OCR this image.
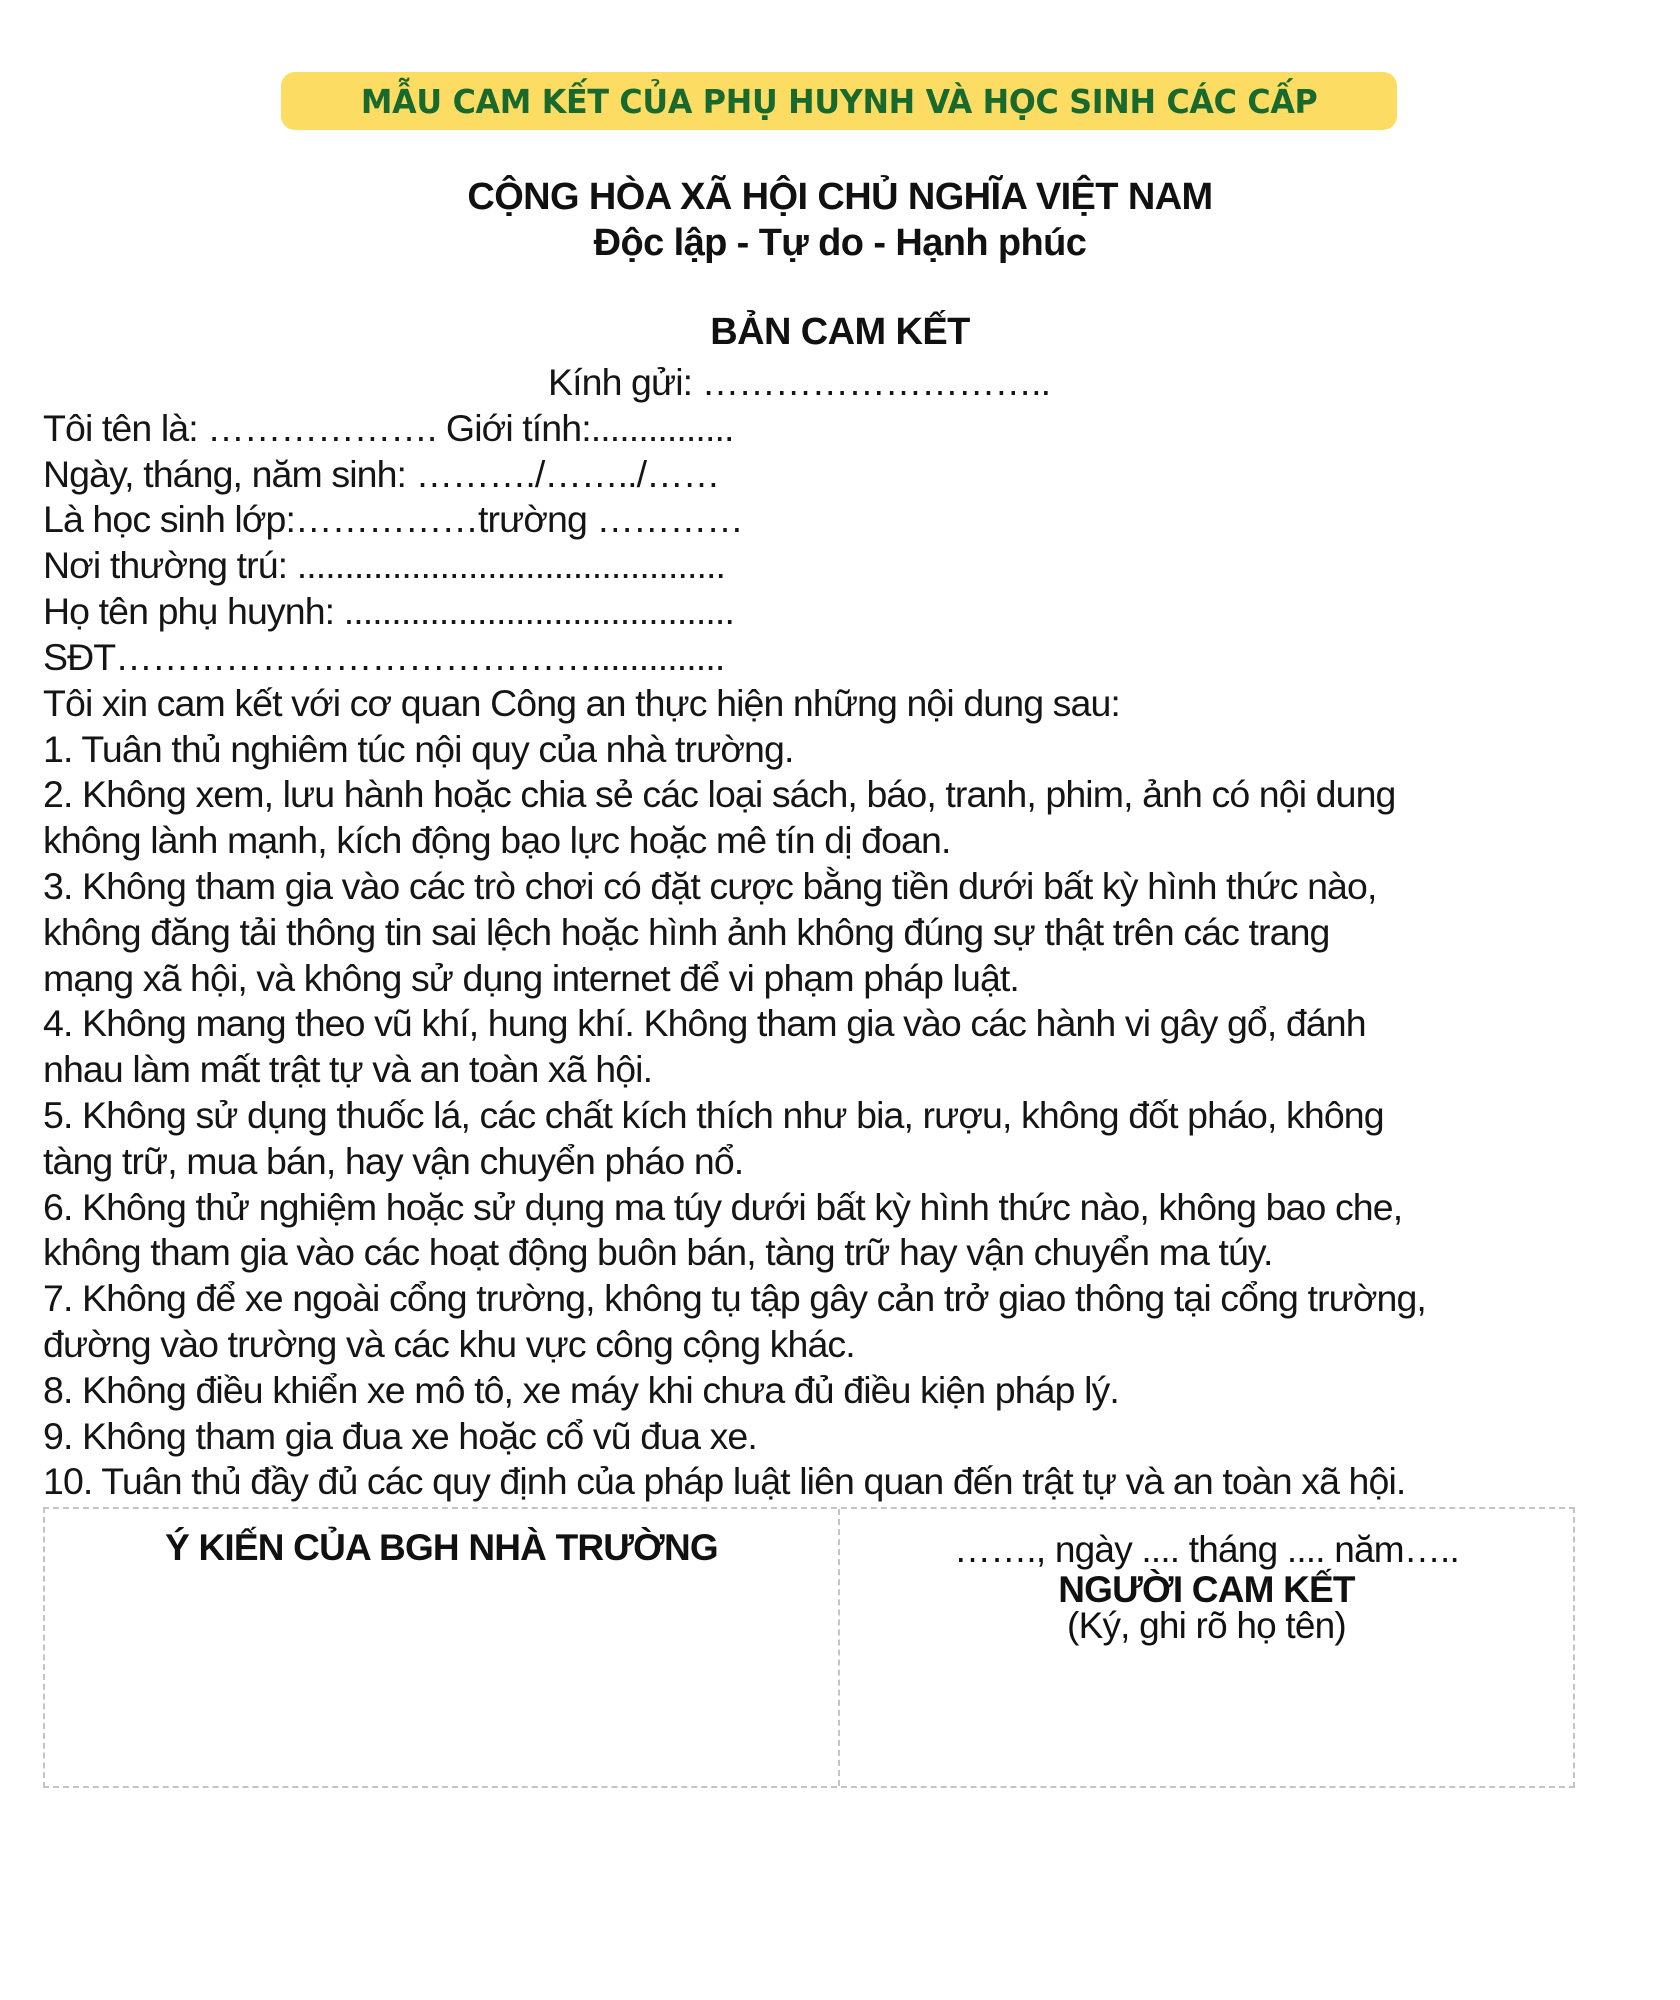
MẪU CAM KẾT CỦA PHỤ HUYNH VÀ HỌC SINH CÁC CẤP
CỘNG HÒA XÃ HỘI CHỦ NGHĨA VIỆT NAM
Độc lập - Tự do - Hạnh phúc
BẢN CAM KẾT
Kính gửi: ………………………..
Tôi tên là: ………………. Giới tính:...............
Ngày, tháng, năm sinh: ………./……../……
Là học sinh lớp:……………trường …………
Nơi thường trú: .............................................
Họ tên phụ huynh: .........................................
SĐT…………………………………..............
Tôi xin cam kết với cơ quan Công an thực hiện những nội dung sau:
1. Tuân thủ nghiêm túc nội quy của nhà trường.
2. Không xem, lưu hành hoặc chia sẻ các loại sách, báo, tranh, phim, ảnh có nội dung
không lành mạnh, kích động bạo lực hoặc mê tín dị đoan.
3. Không tham gia vào các trò chơi có đặt cược bằng tiền dưới bất kỳ hình thức nào,
không đăng tải thông tin sai lệch hoặc hình ảnh không đúng sự thật trên các trang
mạng xã hội, và không sử dụng internet để vi phạm pháp luật.
4. Không mang theo vũ khí, hung khí. Không tham gia vào các hành vi gây gổ, đánh
nhau làm mất trật tự và an toàn xã hội.
5. Không sử dụng thuốc lá, các chất kích thích như bia, rượu, không đốt pháo, không
tàng trữ, mua bán, hay vận chuyển pháo nổ.
6. Không thử nghiệm hoặc sử dụng ma túy dưới bất kỳ hình thức nào, không bao che,
không tham gia vào các hoạt động buôn bán, tàng trữ hay vận chuyển ma túy.
7. Không để xe ngoài cổng trường, không tụ tập gây cản trở giao thông tại cổng trường,
đường vào trường và các khu vực công cộng khác.
8. Không điều khiển xe mô tô, xe máy khi chưa đủ điều kiện pháp lý.
9. Không tham gia đua xe hoặc cổ vũ đua xe.
10. Tuân thủ đầy đủ các quy định của pháp luật liên quan đến trật tự và an toàn xã hội.
Ý KIẾN CỦA BGH NHÀ TRƯỜNG	……., ngày .... tháng .... năm…..
NGƯỜI CAM KẾT
(Ký, ghi rõ họ tên)
